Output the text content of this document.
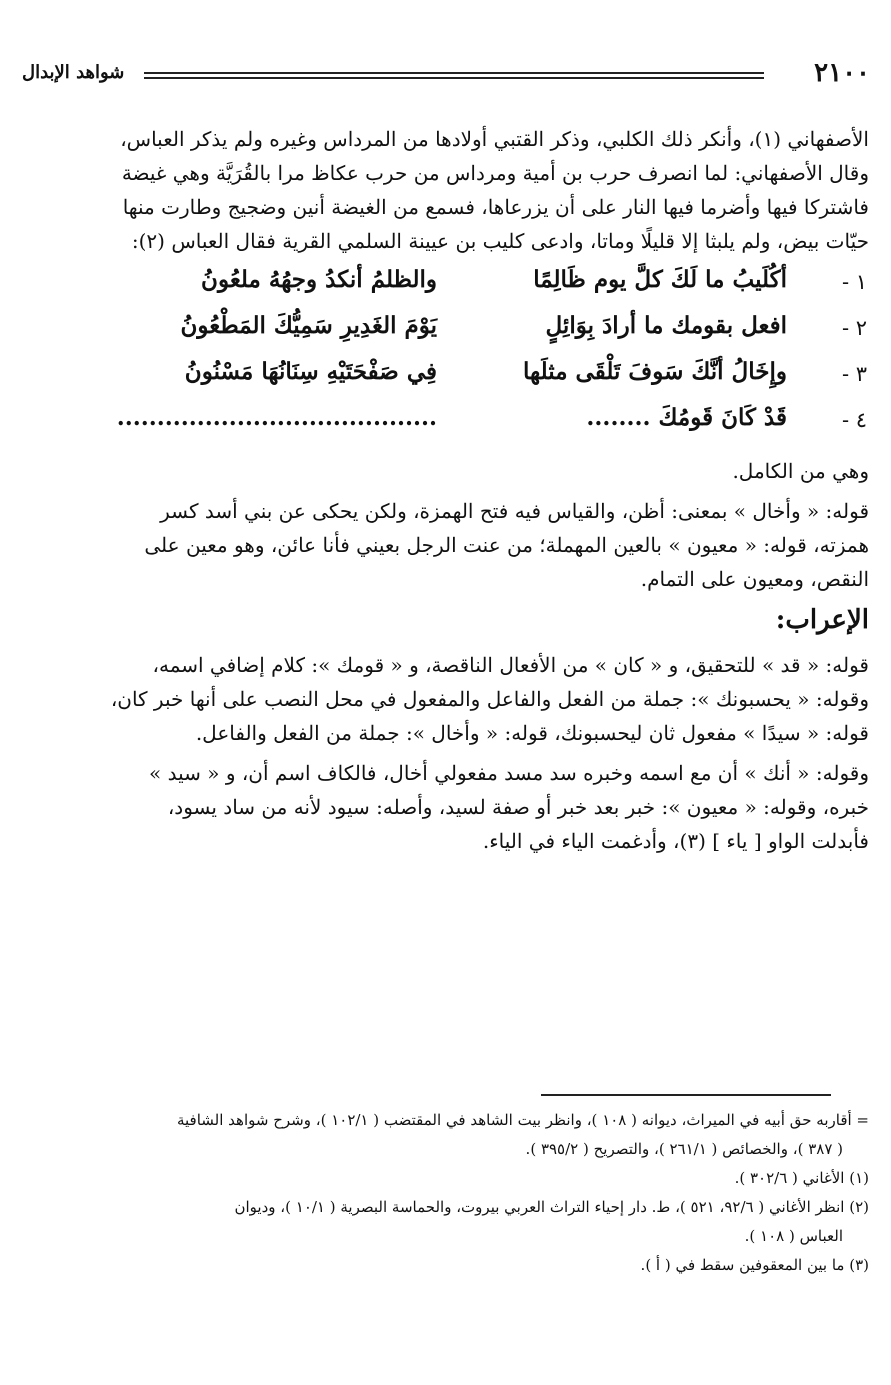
٢١٠٠
شواهد الإبدال

الأصفهاني (١)، وأنكر ذلك الكلبي، وذكر القتبي أولادها من المرداس وغيره ولم يذكر العباس،

وقال الأصفهاني: لما انصرف حرب بن أمية ومرداس من حرب عكاظ مرا بالقُرَيَّة وهي غيضة

فاشتركا فيها وأضرما فيها النار على أن يزرعاها، فسمع من الغيضة أنين وضجيج وطارت منها

حيّات بيض، ولم يلبثا إلا قليلًا وماتا، وادعى كليب بن عيينة السلمي القرية فقال العباس (٢):

١ -
أكُلَيبُ ما لَكَ كلَّ يوم ظَالِمًا
والظلمُ أنكدُ وجهُهُ ملعُونُ
٢ -
افعل بقومك ما أرادَ بِوَائِلٍ
يَوْمَ الغَدِيرِ سَمِيُّكَ المَطْعُونُ
٣ -
وإِخَالُ أنَّكَ سَوفَ تَلْقَى مثلَها
فِي صَفْحَتَيْهِ سِنَانُهَا مَسْنُونُ
٤ -
قَدْ كَانَ قَومُكَ ........
........................................

وهي من الكامل.

قوله: « وأخال » بمعنى: أظن، والقياس فيه فتح الهمزة، ولكن يحكى عن بني أسد كسر

همزته، قوله: « معيون » بالعين المهملة؛ من عنت الرجل بعيني فأنا عائن، وهو معين على

النقص، ومعيون على التمام.

الإعراب:

قوله: « قد » للتحقيق، و « كان » من الأفعال الناقصة، و « قومك »: كلام إضافي اسمه،

وقوله: « يحسبونك »: جملة من الفعل والفاعل والمفعول في محل النصب على أنها خبر كان،

قوله: « سيدًا » مفعول ثان ليحسبونك، قوله: « وأخال »: جملة من الفعل والفاعل.

وقوله: « أنك » أن مع اسمه وخبره سد مسد مفعولي أخال، فالكاف اسم أن، و « سيد »

خبره، وقوله: « معيون »: خبر بعد خبر أو صفة لسيد، وأصله: سيود لأنه من ساد يسود،

فأبدلت الواو [ ياء ] (٣)، وأدغمت الياء في الياء.

= أقاربه حق أبيه في الميراث، ديوانه ( ١٠٨ )، وانظر بيت الشاهد في المقتضب ( ١٠٢/١ )، وشرح شواهد الشافية

( ٣٨٧ )، والخصائص ( ٢٦١/١ )، والتصريح ( ٣٩٥/٢ ).

(١) الأغاني ( ٣٠٢/٦ ).

(٢) انظر الأغاني ( ٩٢/٦، ٥٢١ )، ط. دار إحياء التراث العربي بيروت، والحماسة البصرية ( ١٠/١ )، وديوان

العباس ( ١٠٨ ).

(٣) ما بين المعقوفين سقط في ( أ ).
